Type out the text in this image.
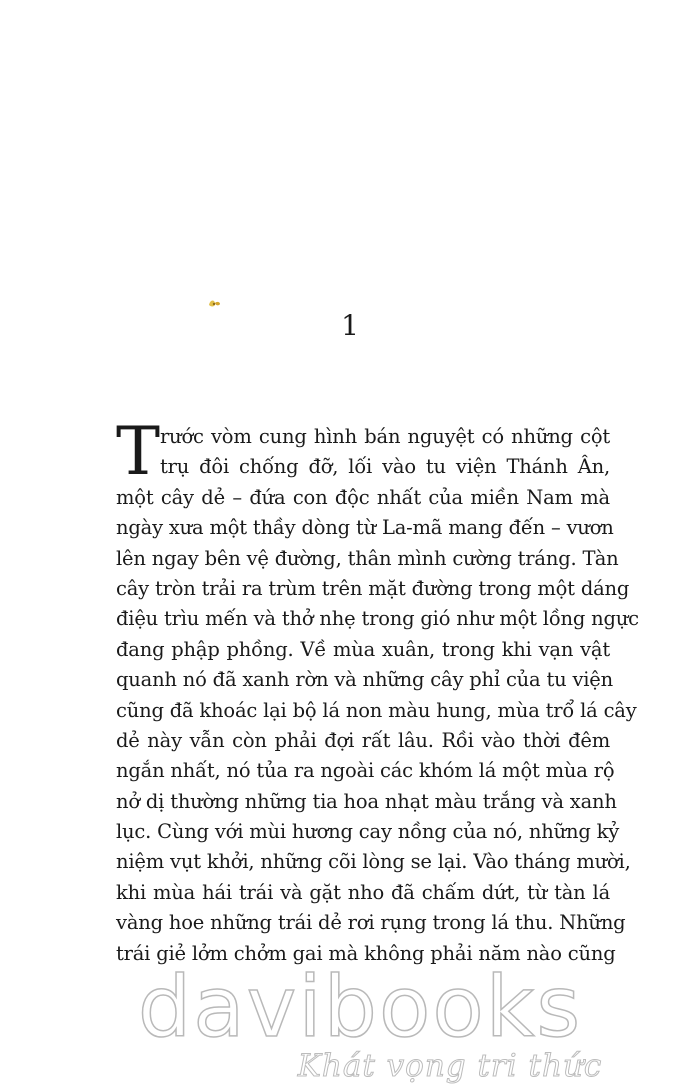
1
T rước vòm cung hình bán nguyệt có những cột
trụ đôi chống đỡ, lối vào tu viện Thánh Ân,
một cây dẻ – đứa con độc nhất của miền Nam mà
ngày xưa một thầy dòng từ La-mã mang đến – vươn
lên ngay bên vệ đường, thân mình cường tráng. Tàn
cây tròn trải ra trùm trên mặt đường trong một dáng
điệu trìu mến và thở nhẹ trong gió như một lồng ngực
đang phập phồng. Về mùa xuân, trong khi vạn vật
quanh nó đã xanh rờn và những cây phỉ của tu viện
cũng đã khoác lại bộ lá non màu hung, mùa trổ lá cây
dẻ này vẫn còn phải đợi rất lâu. Rồi vào thời đêm
ngắn nhất, nó tủa ra ngoài các khóm lá một mùa rộ
nở dị thường những tia hoa nhạt màu trắng và xanh
lục. Cùng với mùi hương cay nồng của nó, những kỷ
niệm vụt khởi, những cõi lòng se lại. Vào tháng mười,
khi mùa hái trái và gặt nho đã chấm dứt, từ tàn lá
vàng hoe những trái dẻ rơi rụng trong lá thu. Những
trái giẻ lởm chởm gai mà không phải năm nào cũng
davibooks
Khát vọng tri thức
